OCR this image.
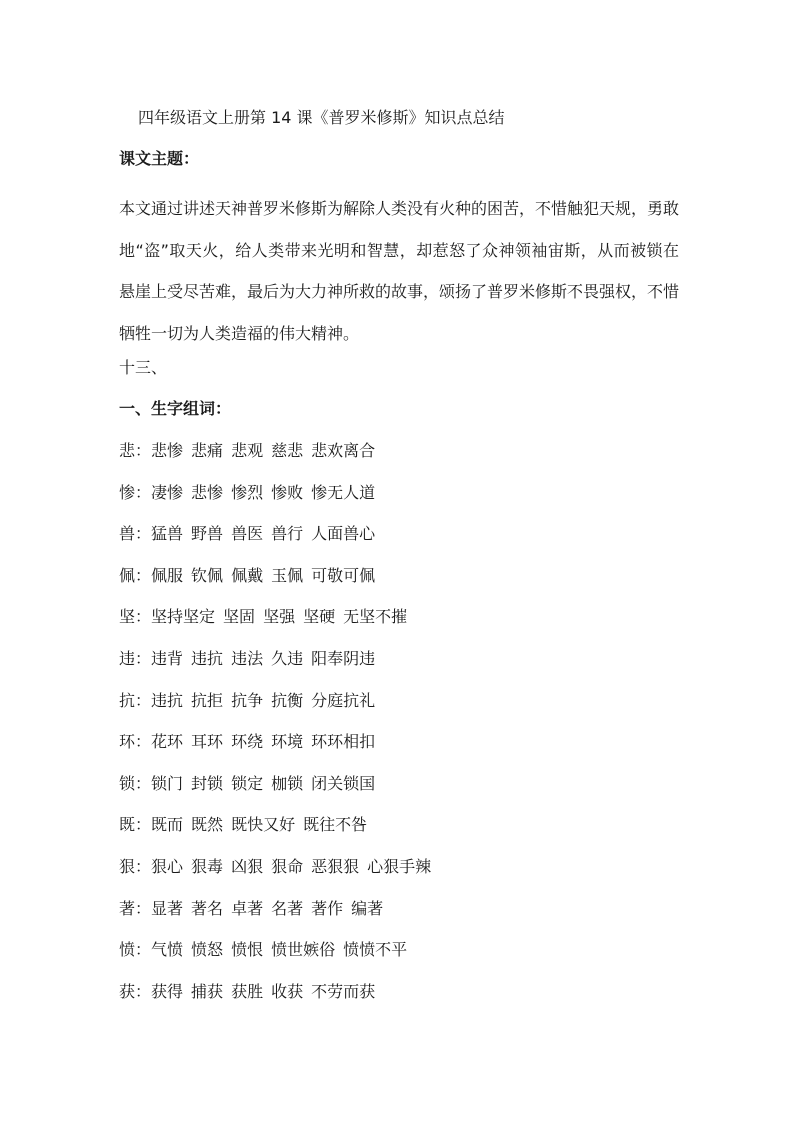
四年级语文上册第 14 课《普罗米修斯》知识点总结
课文主题：
本文通过讲述天神普罗米修斯为解除人类没有火种的困苦，不惜触犯天规，勇敢地“盗”取天火，给人类带来光明和智慧，却惹怒了众神领袖宙斯，从而被锁在悬崖上受尽苦难，最后为大力神所救的故事，颂扬了普罗米修斯不畏强权，不惜牺牲一切为人类造福的伟大精神。
十三、
一、生字组词：
悲：悲惨 悲痛 悲观 慈悲 悲欢离合
惨：凄惨 悲惨 惨烈 惨败 惨无人道
兽：猛兽 野兽 兽医 兽行 人面兽心
佩：佩服 钦佩 佩戴 玉佩 可敬可佩
坚：坚持坚定 坚固 坚强 坚硬 无坚不摧
违：违背 违抗 违法 久违 阳奉阴违
抗：违抗 抗拒 抗争 抗衡 分庭抗礼
环：花环 耳环 环绕 环境 环环相扣
锁：锁门 封锁 锁定 枷锁 闭关锁国
既：既而 既然 既快又好 既往不咎
狠：狠心 狠毒 凶狠 狠命 恶狠狠 心狠手辣
著：显著 著名 卓著 名著 著作 编著
愤：气愤 愤怒 愤恨 愤世嫉俗 愤愤不平
获：获得 捕获 获胜 收获 不劳而获
